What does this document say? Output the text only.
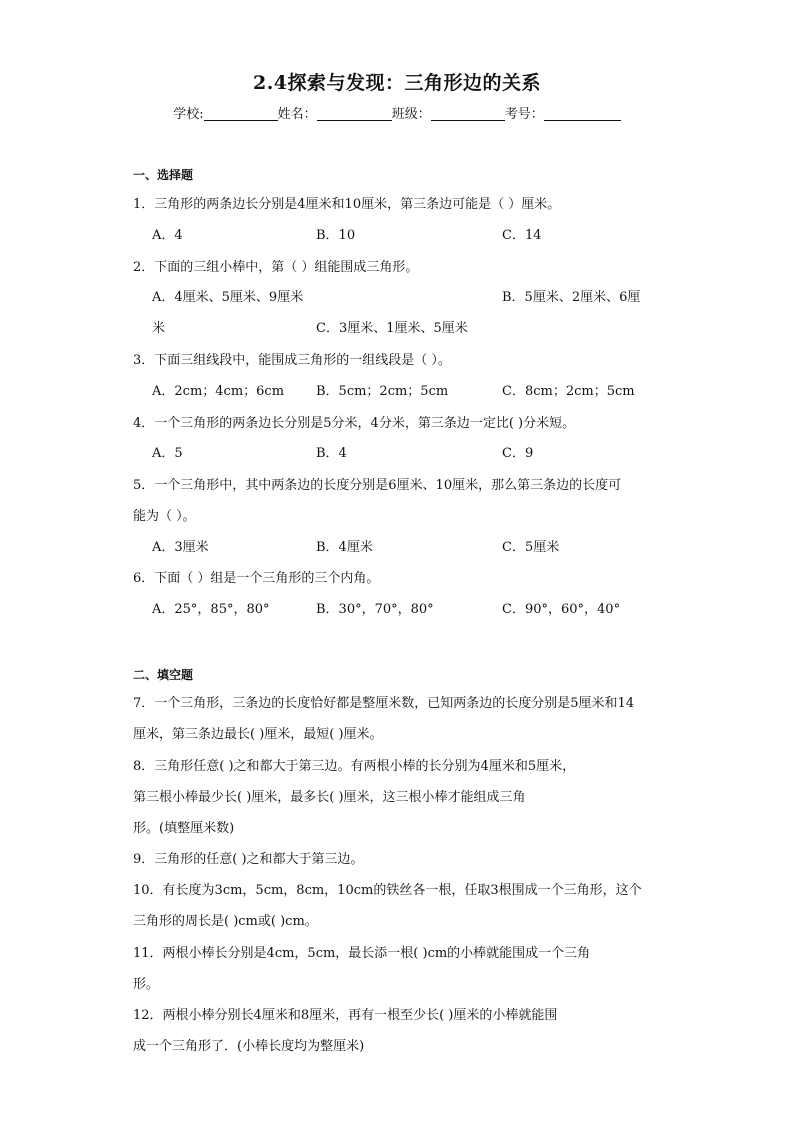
2.4探索与发现：三角形边的关系
学校:	姓名：	班级：	考号：
一、选择题
1．三角形的两条边长分别是4厘米和10厘米，第三条边可能是（ ）厘米。
A．4	B．10	C．14
2．下面的三组小棒中，第（ ）组能围成三角形。
A．4厘米、5厘米、9厘米	B．5厘米、2厘米、6厘
米	C．3厘米、1厘米、5厘米
3．下面三组线段中，能围成三角形的一组线段是（ ）。
A．2cm；4cm；6cm B．5cm；2cm；5cm	C．8cm；2cm；5cm
4．一个三角形的两条边长分别是5分米，4分米，第三条边一定比( )分米短。
A．5	B．4	C．9
5．一个三角形中，其中两条边的长度分别是6厘米、10厘米，那么第三条边的长度可
能为（ ）。
A．3厘米	B．4厘米	C．5厘米
6．下面（ ）组是一个三角形的三个内角。
A．25°，85°，80°	B．30°，70°，80°	C．90°，60°，40°
二、填空题
7．一个三角形，三条边的长度恰好都是整厘米数，已知两条边的长度分别是5厘米和14
厘米，第三条边最长( )厘米，最短( )厘米。
8．三角形任意( )之和都大于第三边。有两根小棒的长分别为4厘米和5厘米，
第三根小棒最少长( )厘米，最多长( )厘米，这三根小棒才能组成三角
形。(填整厘米数)
9．三角形的任意( )之和都大于第三边。
10．有长度为3cm，5cm，8cm，10cm的铁丝各一根，任取3根围成一个三角形，这个
三角形的周长是( )cm或( )cm。
11．两根小棒长分别是4cm，5cm，最长添一根( )cm的小棒就能围成一个三角
形。
12．两根小棒分别长4厘米和8厘米，再有一根至少长( )厘米的小棒就能围
成一个三角形了．(小棒长度均为整厘米)
